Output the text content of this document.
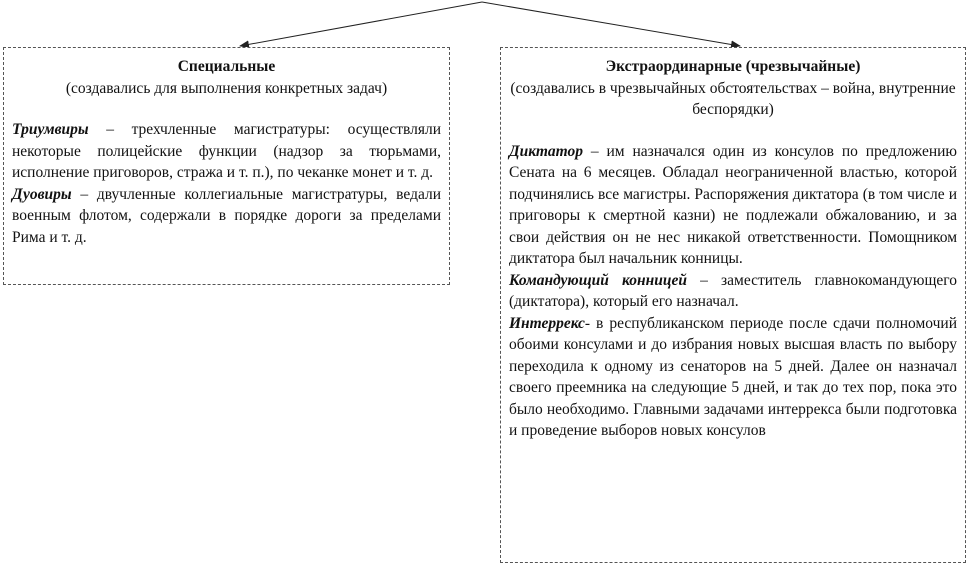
Специальные
(создавались для выполнения конкретных задач)
Триумвиры – трехчленные магистратуры: осуществляли некоторые полицейские функции (надзор за тюрьмами, исполнение приговоров, стража и т. п.), по чеканке монет и т. д.
Дуовиры – двучленные коллегиальные магистратуры, ведали военным флотом, содержали в порядке дороги за пределами Рима и т. д.
Экстраординарные (чрезвычайные)
(создавались в чрезвычайных обстоятельствах – война, внутренние беспорядки)
Диктатор – им назначался один из консулов по предложению Сената на 6 месяцев. Обладал неограниченной властью, которой подчинялись все магистры. Распоряжения диктатора (в том числе и приговоры к смертной казни) не подлежали обжалованию, и за свои действия он не нес никакой ответственности. Помощником диктатора был начальник конницы.
Командующий конницей – заместитель главнокомандующего (диктатора), который его назначал.
Интеррекс- в республиканском периоде после сдачи полномочий обоими консулами и до избрания новых высшая власть по выбору переходила к одному из сенаторов на 5 дней. Далее он назначал своего преемника на следующие 5 дней, и так до тех пор, пока это было необходимо. Главными задачами интеррекса были подготовка и проведение выборов новых консулов
